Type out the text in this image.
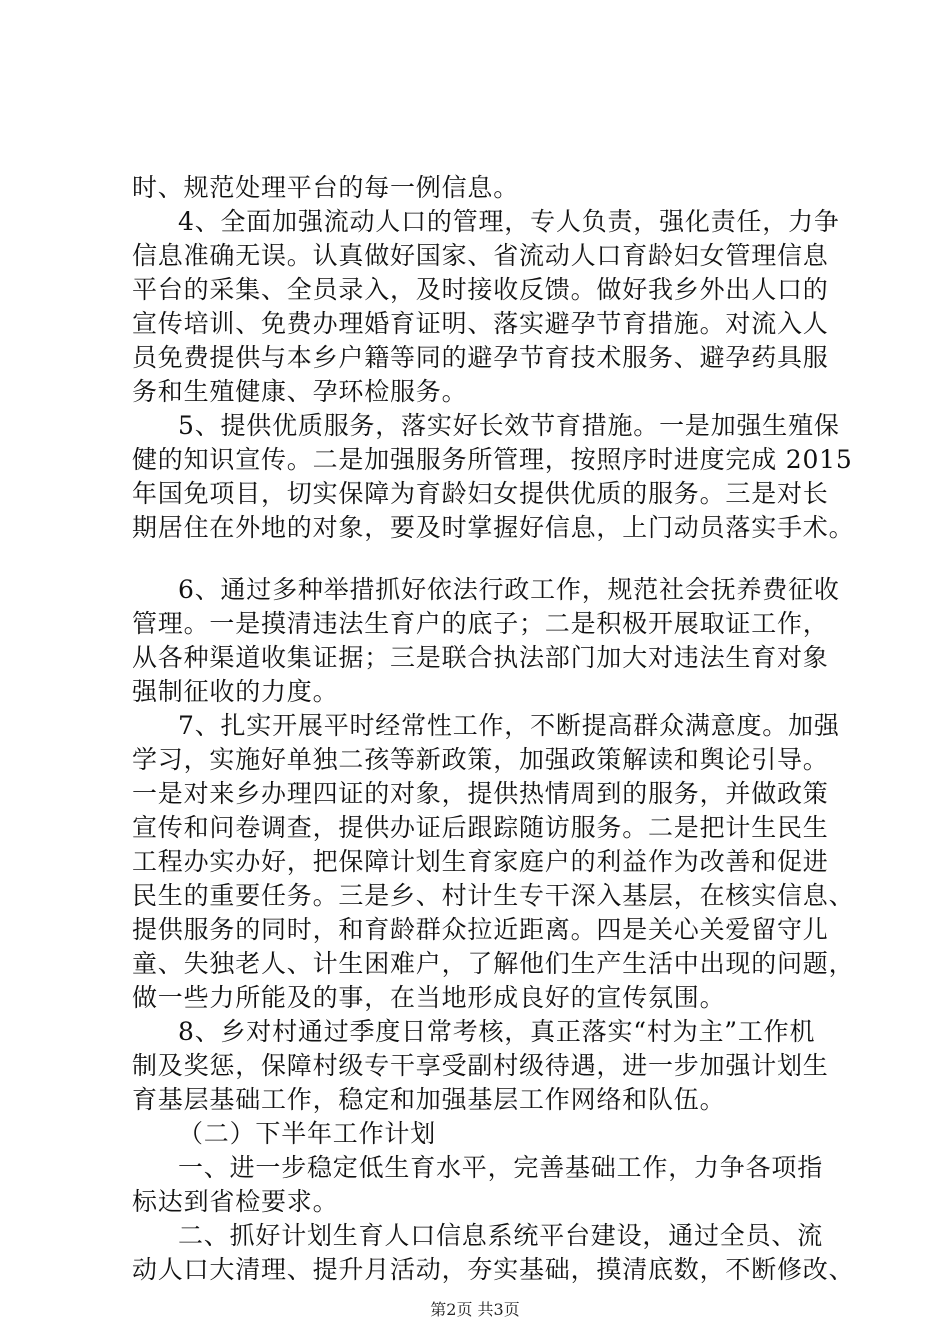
时、规范处理平台的每一例信息。
4、全面加强流动人口的管理，专人负责，强化责任，力争
信息准确无误。认真做好国家、省流动人口育龄妇女管理信息
平台的采集、全员录入，及时接收反馈。做好我乡外出人口的
宣传培训、免费办理婚育证明、落实避孕节育措施。对流入人
员免费提供与本乡户籍等同的避孕节育技术服务、避孕药具服
务和生殖健康、孕环检服务。
5、提供优质服务，落实好长效节育措施。一是加强生殖保
健的知识宣传。二是加强服务所管理，按照序时进度完成 2015
年国免项目，切实保障为育龄妇女提供优质的服务。三是对长
期居住在外地的对象，要及时掌握好信息，上门动员落实手术。
6、通过多种举措抓好依法行政工作，规范社会抚养费征收
管理。一是摸清违法生育户的底子；二是积极开展取证工作，
从各种渠道收集证据；三是联合执法部门加大对违法生育对象
强制征收的力度。
7、扎实开展平时经常性工作，不断提高群众满意度。加强
学习，实施好单独二孩等新政策，加强政策解读和舆论引导。
一是对来乡办理四证的对象，提供热情周到的服务，并做政策
宣传和问卷调查，提供办证后跟踪随访服务。二是把计生民生
工程办实办好，把保障计划生育家庭户的利益作为改善和促进
民生的重要任务。三是乡、村计生专干深入基层，在核实信息、
提供服务的同时，和育龄群众拉近距离。四是关心关爱留守儿
童、失独老人、计生困难户，了解他们生产生活中出现的问题，
做一些力所能及的事，在当地形成良好的宣传氛围。
8、乡对村通过季度日常考核，真正落实“村为主”工作机
制及奖惩，保障村级专干享受副村级待遇，进一步加强计划生
育基层基础工作，稳定和加强基层工作网络和队伍。
（二）下半年工作计划
一、进一步稳定低生育水平，完善基础工作，力争各项指
标达到省检要求。
二、抓好计划生育人口信息系统平台建设，通过全员、流
动人口大清理、提升月活动，夯实基础，摸清底数，不断修改、
第2页 共3页
